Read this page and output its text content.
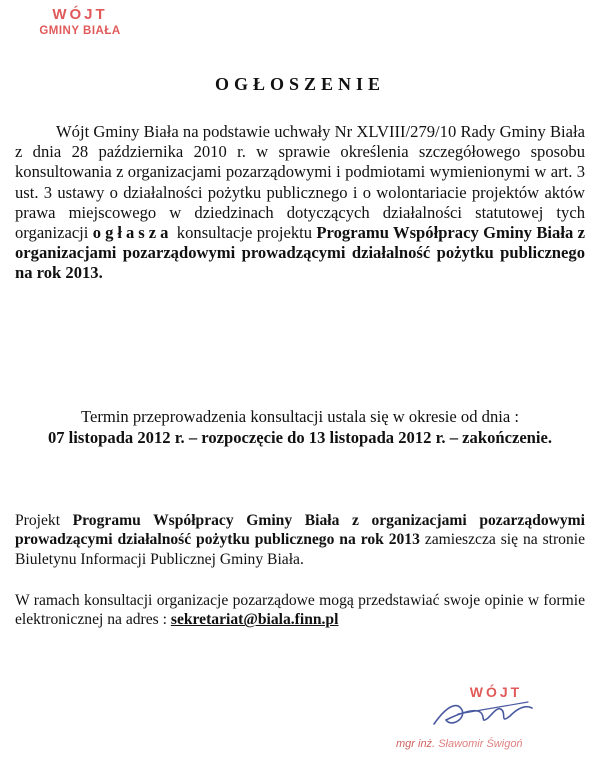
WÓJT
GMINY BIAŁA
OGŁOSZENIE
Wójt Gminy Biała na podstawie uchwały Nr XLVIII/279/10 Rady Gminy Biała z dnia 28 października 2010 r. w sprawie określenia szczegółowego sposobu konsultowania z organizacjami pozarządowymi i podmiotami wymienionymi w art. 3 ust. 3 ustawy o działalności pożytku publicznego i o wolontariacie projektów aktów prawa miejscowego w dziedzinach dotyczących działalności statutowej tych organizacji ogłasza konsultacje projektu Programu Współpracy Gminy Biała z organizacjami pozarządowymi prowadzącymi działalność pożytku publicznego na rok 2013.
Termin przeprowadzenia konsultacji ustala się w okresie od dnia :
07 listopada 2012 r. – rozpoczęcie do 13 listopada 2012 r. – zakończenie.
Projekt Programu Współpracy Gminy Biała z organizacjami pozarządowymi prowadzącymi działalność pożytku publicznego na rok 2013 zamieszcza się na stronie Biuletynu Informacji Publicznej Gminy Biała.
W ramach konsultacji organizacje pozarządowe mogą przedstawiać swoje opinie w formie elektronicznej na adres : sekretariat@biala.finn.pl
WÓJT
mgr inż. Sławomir Świgoń
